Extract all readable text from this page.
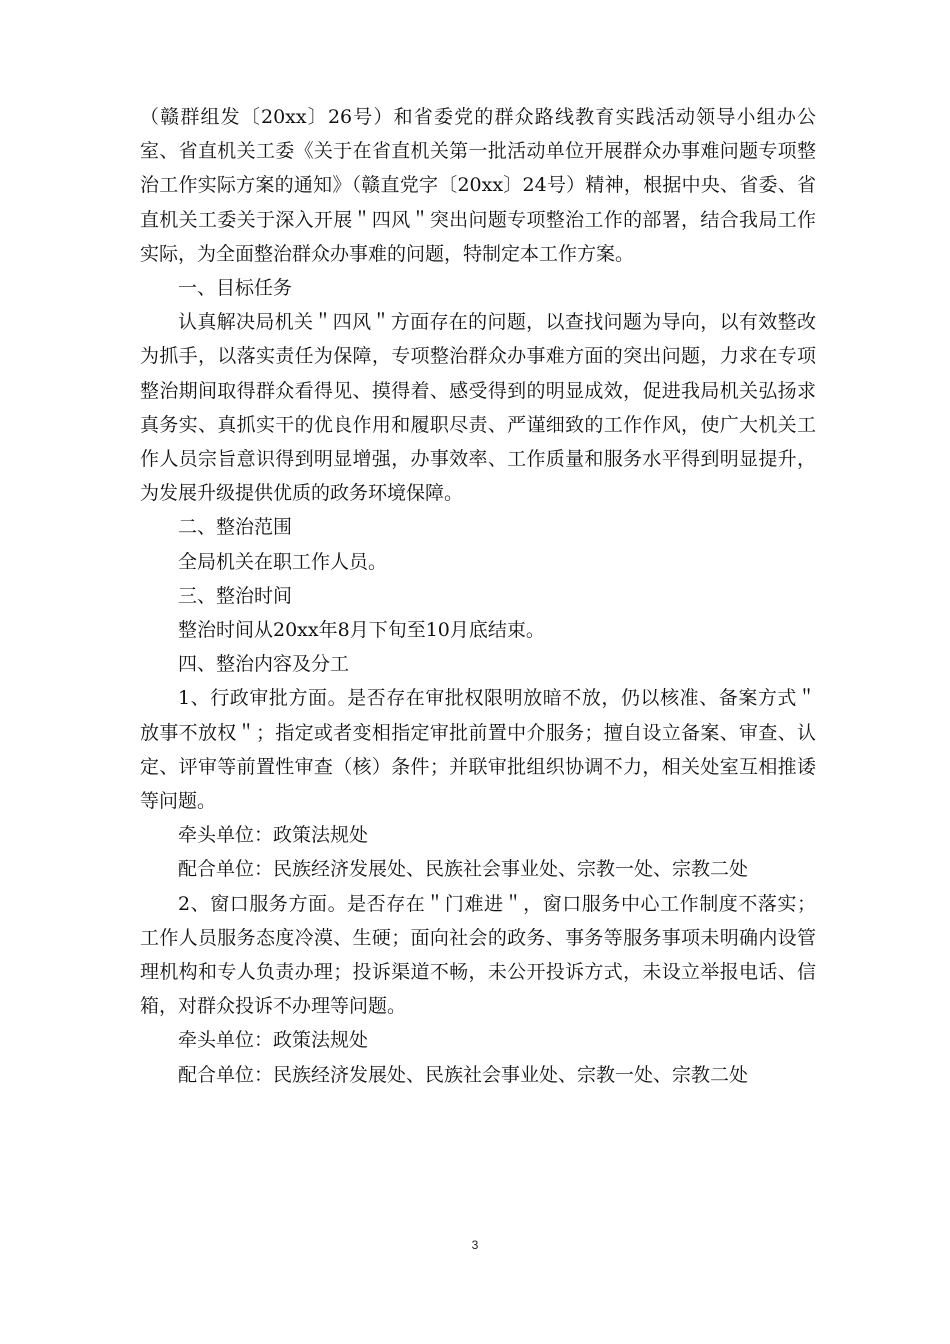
（赣群组发〔20xx〕26号）和省委党的群众路线教育实践活动领导小组办公室、省直机关工委《关于在省直机关第一批活动单位开展群众办事难问题专项整治工作实际方案的通知》（赣直党字〔20xx〕24号）精神，根据中央、省委、省直机关工委关于深入开展＂四风＂突出问题专项整治工作的部署，结合我局工作实际，为全面整治群众办事难的问题，特制定本工作方案。

一、目标任务

认真解决局机关＂四风＂方面存在的问题，以查找问题为导向，以有效整改为抓手，以落实责任为保障，专项整治群众办事难方面的突出问题，力求在专项整治期间取得群众看得见、摸得着、感受得到的明显成效，促进我局机关弘扬求真务实、真抓实干的优良作用和履职尽责、严谨细致的工作作风，使广大机关工作人员宗旨意识得到明显增强，办事效率、工作质量和服务水平得到明显提升，为发展升级提供优质的政务环境保障。

二、整治范围

全局机关在职工作人员。

三、整治时间

整治时间从20xx年8月下旬至10月底结束。

四、整治内容及分工

1、行政审批方面。是否存在审批权限明放暗不放，仍以核准、备案方式＂放事不放权＂；指定或者变相指定审批前置中介服务；擅自设立备案、审查、认定、评审等前置性审查（核）条件；并联审批组织协调不力，相关处室互相推诿等问题。

牵头单位：政策法规处

配合单位：民族经济发展处、民族社会事业处、宗教一处、宗教二处

2、窗口服务方面。是否存在＂门难进＂，窗口服务中心工作制度不落实；工作人员服务态度冷漠、生硬；面向社会的政务、事务等服务事项未明确内设管理机构和专人负责办理；投诉渠道不畅，未公开投诉方式，未设立举报电话、信箱，对群众投诉不办理等问题。

牵头单位：政策法规处

配合单位：民族经济发展处、民族社会事业处、宗教一处、宗教二处

3
